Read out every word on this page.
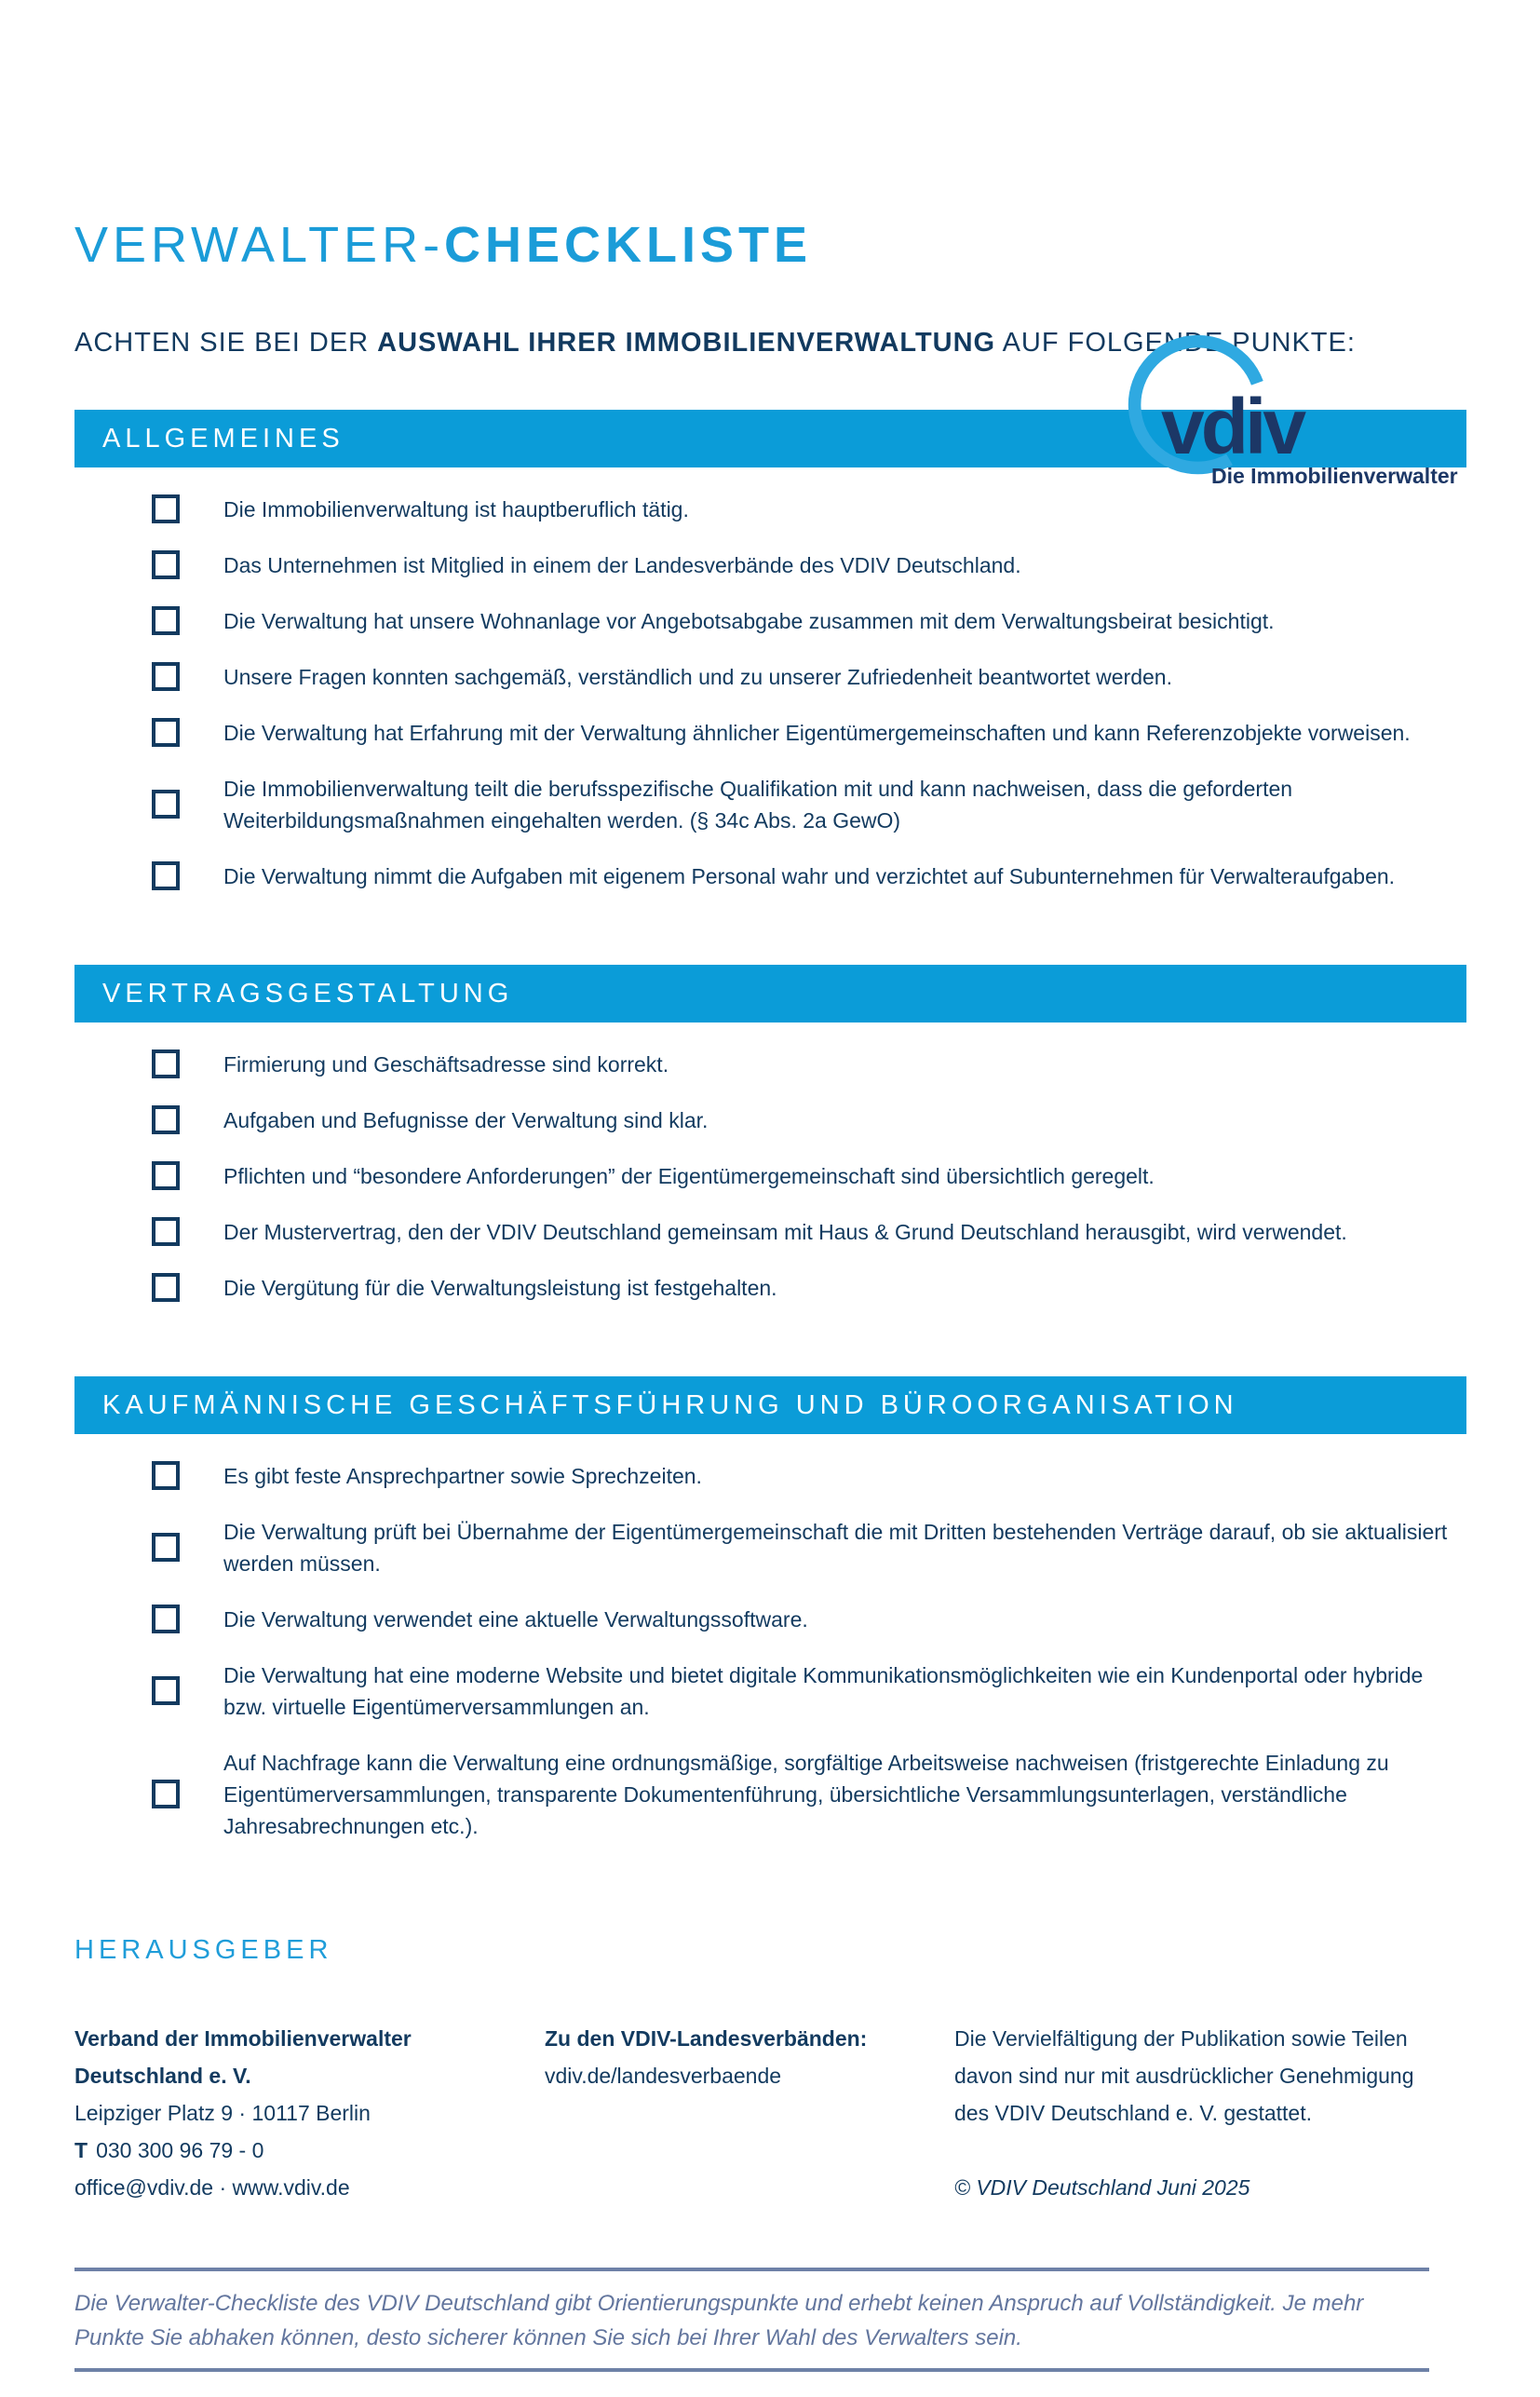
vdiv
Die Immobilienverwalter
VERWALTER-CHECKLISTE

ACHTEN SIE BEI DER AUSWAHL IHRER IMMOBILIENVERWALTUNG AUF FOLGENDE PUNKTE:

ALLGEMEINES
Die Immobilienverwaltung ist hauptberuflich tätig.
Das Unternehmen ist Mitglied in einem der Landesverbände des VDIV Deutschland.
Die Verwaltung hat unsere Wohnanlage vor Angebotsabgabe zusammen mit dem Verwaltungsbeirat besichtigt.
Unsere Fragen konnten sachgemäß, verständlich und zu unserer Zufriedenheit beantwortet werden.
Die Verwaltung hat Erfahrung mit der Verwaltung ähnlicher Eigentümergemeinschaften und kann Referenzobjekte vorweisen.
Die Immobilienverwaltung teilt die berufsspezifische Qualifikation mit und kann nachweisen, dass die geforderten Weiterbildungsmaßnahmen eingehalten werden. (§ 34c Abs. 2a GewO)
Die Verwaltung nimmt die Aufgaben mit eigenem Personal wahr und verzichtet auf Subunternehmen für Verwalteraufgaben.
VERTRAGSGESTALTUNG
Firmierung und Geschäftsadresse sind korrekt.
Aufgaben und Befugnisse der Verwaltung sind klar.
Pflichten und “besondere Anforderungen” der Eigentümergemeinschaft sind übersichtlich geregelt.
Der Mustervertrag, den der VDIV Deutschland gemeinsam mit Haus & Grund Deutschland herausgibt, wird verwendet.
Die Vergütung für die Verwaltungsleistung ist festgehalten.
KAUFMÄNNISCHE GESCHÄFTSFÜHRUNG UND BÜROORGANISATION
Es gibt feste Ansprechpartner sowie Sprechzeiten.
Die Verwaltung prüft bei Übernahme der Eigentümergemeinschaft die mit Dritten bestehenden Verträge darauf, ob sie aktualisiert werden müssen.
Die Verwaltung verwendet eine aktuelle Verwaltungssoftware.
Die Verwaltung hat eine moderne Website und bietet digitale Kommunikationsmöglichkeiten wie ein Kundenportal oder hybride bzw. virtuelle Eigentümerversammlungen an.
Auf Nachfrage kann die Verwaltung eine ordnungsmäßige, sorgfältige Arbeitsweise nachweisen (fristgerechte Einladung zu Eigentümerversammlungen, transparente Dokumentenführung, übersichtliche Versammlungsunterlagen, verständliche Jahresabrechnungen etc.).
HERAUSGEBER
Verband der Immobilienverwalter
Deutschland e. V.
Leipziger Platz 9 · 10117 Berlin
T 030 300 96 79 - 0
office@vdiv.de · www.vdiv.de
Zu den VDIV-Landesverbänden:
vdiv.de/landesverbaende
Die Vervielfältigung der Publikation sowie Teilen davon sind nur mit ausdrücklicher Genehmigung des VDIV Deutschland e. V. gestattet.
© VDIV Deutschland Juni 2025

Die Verwalter-Checkliste des VDIV Deutschland gibt Orientierungspunkte und erhebt keinen Anspruch auf Vollständigkeit. Je mehr Punkte Sie abhaken können, desto sicherer können Sie sich bei Ihrer Wahl des Verwalters sein.
